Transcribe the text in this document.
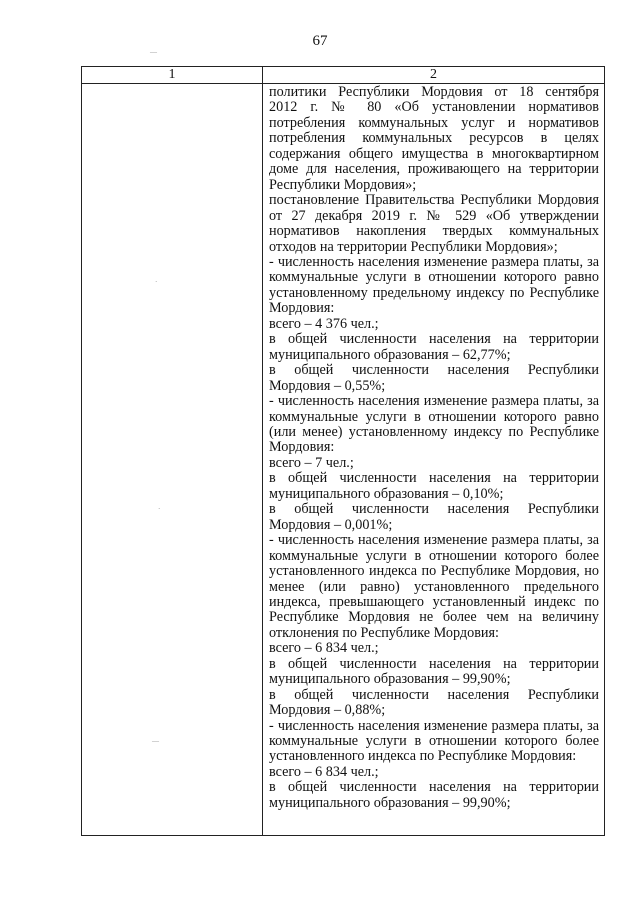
67
1	2

политики Республики Мордовия от 18 сентября

2012 г. № 80 «Об установлении нормативов

потребления коммунальных услуг и нормативов

потребления коммунальных ресурсов в целях

содержания общего имущества в многоквартирном

доме для населения, проживающего на территории

Республики Мордовия»;

постановление Правительства Республики Мордовия

от 27 декабря 2019 г. № 529 «Об утверждении

нормативов накопления твердых коммунальных

отходов на территории Республики Мордовия»;

- численность населения изменение размера платы, за

коммунальные услуги в отношении которого равно

установленному предельному индексу по Республике

Мордовия:

всего – 4 376 чел.;

в общей численности населения на территории

муниципального образования – 62,77%;

в общей численности населения Республики

Мордовия – 0,55%;

- численность населения изменение размера платы, за

коммунальные услуги в отношении которого равно

(или менее) установленному индексу по Республике

Мордовия:

всего – 7 чел.;

в общей численности населения на территории

муниципального образования – 0,10%;

в общей численности населения Республики

Мордовия – 0,001%;

- численность населения изменение размера платы, за

коммунальные услуги в отношении которого более

установленного индекса по Республике Мордовия, но

менее (или равно) установленного предельного

индекса, превышающего установленный индекс по

Республике Мордовия не более чем на величину

отклонения по Республике Мордовия:

всего – 6 834 чел.;

в общей численности населения на территории

муниципального образования – 99,90%;

в общей численности населения Республики

Мордовия – 0,88%;

- численность населения изменение размера платы, за

коммунальные услуги в отношении которого более

установленного индекса по Республике Мордовия:

всего – 6 834 чел.;

в общей численности населения на территории

муниципального образования – 99,90%;

—
·
·
—
